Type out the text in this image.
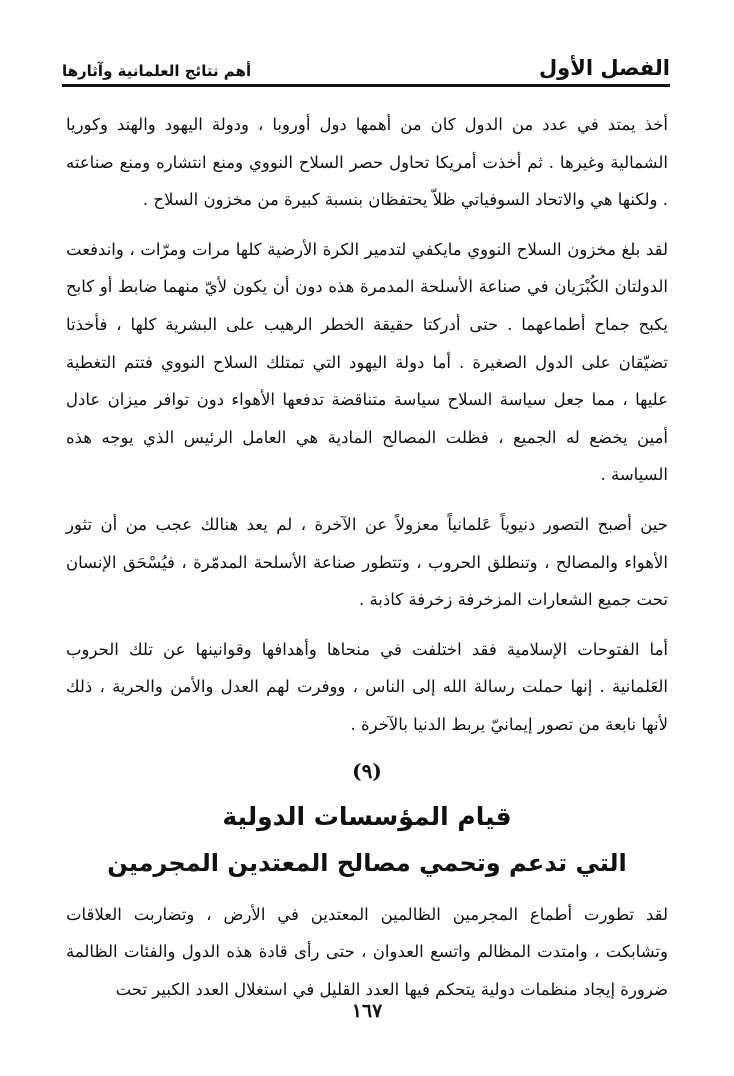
الفصل الأول
أهم نتائج العلمانية وآثارها

أخذ يمتد في عدد من الدول كان من أهمها دول أوروبا ، ودولة اليهود والهند وكوريا الشمالية وغيرها . ثم أخذت أمريكا تحاول حصر السلاح النووي ومنع انتشاره ومنع صناعته . ولكنها هي والاتحاد السوفياتي ظلاّ يحتفظان بنسبة كبيرة من مخزون السلاح .

لقد بلغ مخزون السلاح النووي مايكفي لتدمير الكرة الأرضية كلها مرات ومرّات ، واندفعت الدولتان الكُبْرَيان في صناعة الأسلحة المدمرة هذه دون أن يكون لأيّ منهما ضابط أو كابح يكبح جماح أطماعهما . حتى أدركتا حقيقة الخطر الرهيب على البشرية كلها ، فأخذتا تضيّقان على الدول الصغيرة . أما دولة اليهود التي تمتلك السلاح النووي فتتم التغطية عليها ، مما جعل سياسة السلاح سياسة متناقضة تدفعها الأهواء دون توافر ميزان عادل أمين يخضع له الجميع ، فظلت المصالح المادية هي العامل الرئيس الذي يوجه هذه السياسة .

حين أصبح التصور دنيوياً عَلمانياً معزولاً عن الآخرة ، لم يعد هنالك عجب من أن تثور الأهواء والمصالح ، وتنطلق الحروب ، وتتطور صناعة الأسلحة المدمّرة ، فيُسْحَق الإنسان تحت جميع الشعارات المزخرفة زخرفة كاذبة .

أما الفتوحات الإسلامية فقد اختلفت في منحاها وأهدافها وقوانينها عن تلك الحروب العَلمانية . إنها حملت رسالة الله إلى الناس ، ووفرت لهم العدل والأمن والحرية ، ذلك لأنها نابعة من تصور إيمانيّ يربط الدنيا بالآخرة .

(٩)
قيام المؤسسات الدولية
التي تدعم وتحمي مصالح المعتدين المجرمين

لقد تطورت أطماع المجرمين الظالمين المعتدين في الأرض ، وتضاربت العلاقات وتشابكت ، وامتدت المظالم واتسع العدوان ، حتى رأى قادة هذه الدول والفئات الظالمة ضرورة إيجاد منظمات دولية يتحكم فيها العدد القليل في استغلال العدد الكبير تحت

١٦٧
